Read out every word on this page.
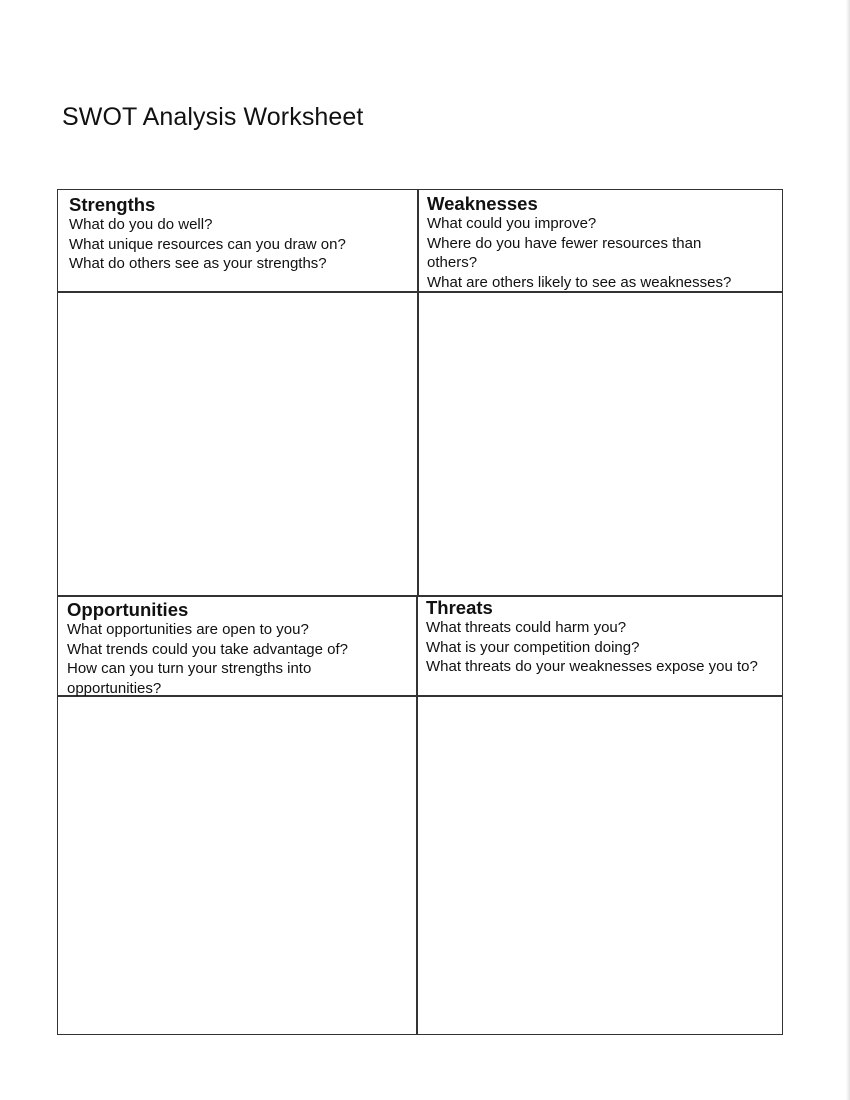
SWOT Analysis Worksheet
Strengths

What do you do well?

What unique resources can you draw on?

What do others see as your strengths?

Weaknesses

What could you improve?

Where do you have fewer resources than others?

What are others likely to see as weaknesses?

Opportunities

What opportunities are open to you?

What trends could you take advantage of?

How can you turn your strengths into opportunities?

Threats

What threats could harm you?

What is your competition doing?

What threats do your weaknesses expose you to?
